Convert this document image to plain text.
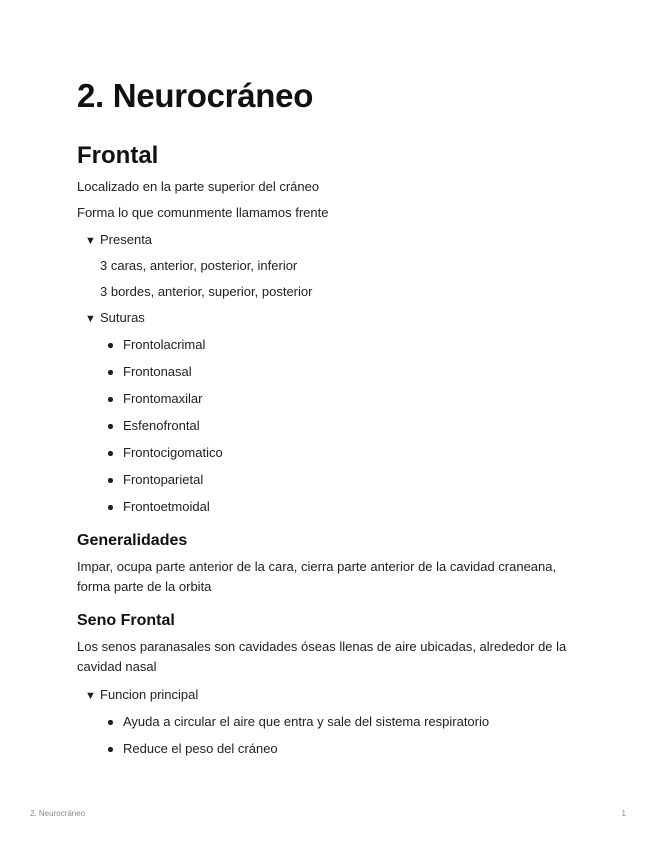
2. Neurocráneo
Frontal

Localizado en la parte superior del cráneo

Forma lo que comunmente llamamos frente

▼ Presenta
3 caras, anterior, posterior, inferior
3 bordes, anterior, superior, posterior
▼ Suturas
Frontolacrimal
Frontonasal
Frontomaxilar
Esfenofrontal
Frontocigomatico
Frontoparietal
Frontoetmoidal
Generalidades

Impar, ocupa parte anterior de la cara, cierra parte anterior de la cavidad craneana, forma parte de la orbita

Seno Frontal

Los senos paranasales son cavidades óseas llenas de aire ubicadas, alrededor de la cavidad nasal

▼ Funcion principal
Ayuda a circular el aire que entra y sale del sistema respiratorio
Reduce el peso del cráneo
2. Neurocráneo	1
